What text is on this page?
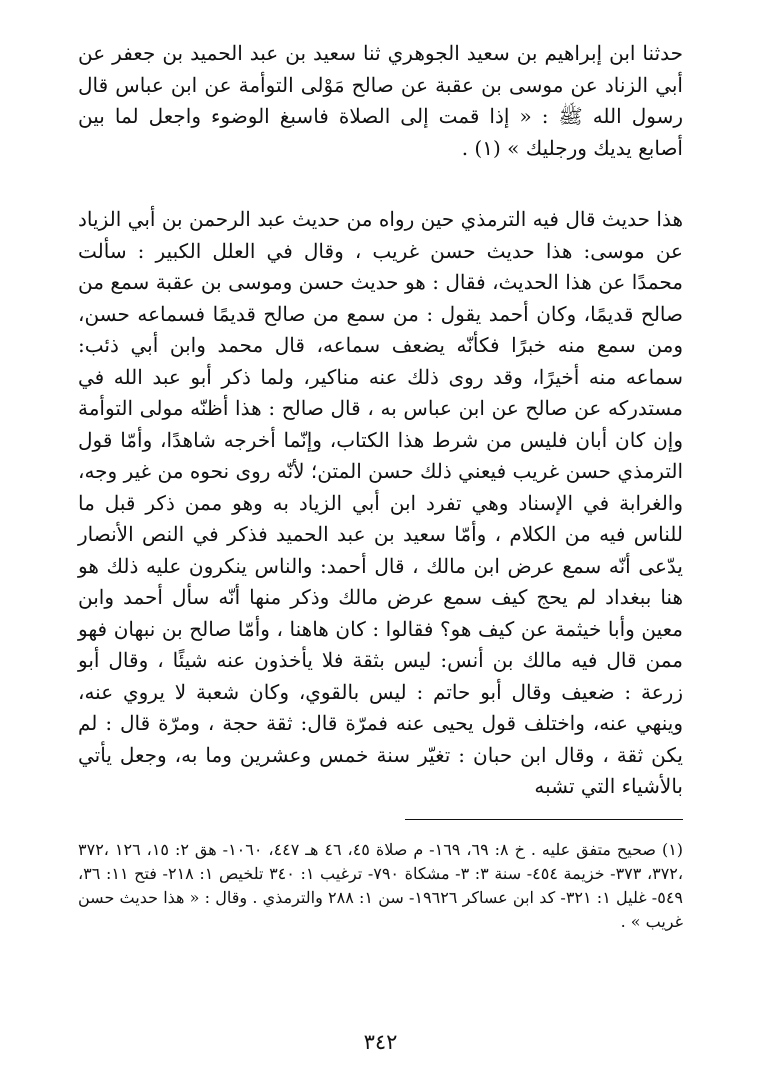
حدثنا ابن إبراهيم بن سعيد الجوهري ثنا سعيد بن عبد الحميد بن جعفر عن أبي الزناد عن موسى بن عقبة عن صالح مَوْلى التوأمة عن ابن عباس قال رسول الله ﷺ : « إذا قمت إلى الصلاة فاسبغ الوضوء واجعل لما بين أصابع يديك ورجليك » (١) .

هذا حديث قال فيه الترمذي حين رواه من حديث عبد الرحمن بن أبي الزياد عن موسى: هذا حديث حسن غريب ، وقال في العلل الكبير : سألت محمدًا عن هذا الحديث، فقال : هو حديث حسن وموسى بن عقبة سمع من صالح قديمًا، وكان أحمد يقول : من سمع من صالح قديمًا فسماعه حسن، ومن سمع منه خبرًا فكأنّه يضعف سماعه، قال محمد وابن أبي ذئب: سماعه منه أخيرًا، وقد روى ذلك عنه مناكير، ولما ذكر أبو عبد الله في مستدركه عن صالح عن ابن عباس به ، قال صالح : هذا أظنّه مولى التوأمة وإن كان أبان فليس من شرط هذا الكتاب، وإنّما أخرجه شاهدًا، وأمّا قول الترمذي حسن غريب فيعني ذلك حسن المتن؛ لأنّه روى نحوه من غير وجه، والغرابة في الإسناد وهي تفرد ابن أبي الزياد به وهو ممن ذكر قبل ما للناس فيه من الكلام ، وأمّا سعيد بن عبد الحميد فذكر في النص الأنصار يدّعى أنّه سمع عرض ابن مالك ، قال أحمد: والناس ينكرون عليه ذلك هو هنا ببغداد لم يحج كيف سمع عرض مالك وذكر منها أنّه سأل أحمد وابن معين وأبا خيثمة عن كيف هو؟ فقالوا : كان هاهنا ، وأمّا صالح بن نبهان فهو ممن قال فيه مالك بن أنس: ليس بثقة فلا يأخذون عنه شيئًا ، وقال أبو زرعة : ضعيف وقال أبو حاتم : ليس بالقوي، وكان شعبة لا يروي عنه، وينهي عنه، واختلف قول يحيى عنه فمرّة قال: ثقة حجة ، ومرّة قال : لم يكن ثقة ، وقال ابن حبان : تغيّر سنة خمس وعشرين وما به، وجعل يأتي بالأشياء التي تشبه

(١) صحيح متفق عليه . خ ٨: ٦٩، ١٦٩- م صلاة ٤٥، ٤٦ هـ ٤٤٧، ١٠٦٠- هق ٢: ١٥، ١٢٦ ،٣٧٢ ،٣٧٢، ٣٧٣- خزيمة ٤٥٤- سنة ٣: ٣- مشكاة ٧٩٠- ترغيب ١: ٣٤٠ تلخيص ١: ٢١٨- فتح ١١: ٣٦، ٥٤٩- غليل ١: ٣٢١- كد ابن عساكر ١٩٦٢٦- سن ١: ٢٨٨ والترمذي . وقال : « هذا حديث حسن غريب » .

٣٤٢
